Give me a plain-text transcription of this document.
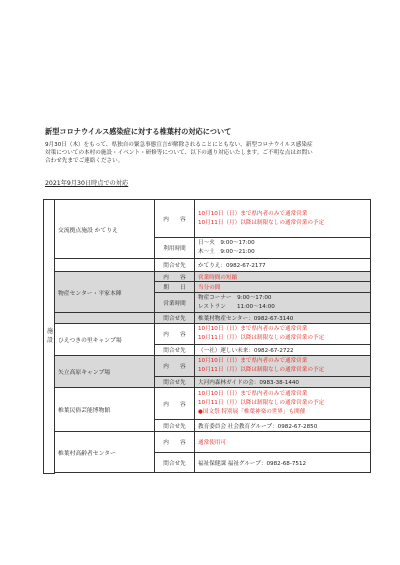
新型コロナウイルス感染症に対する椎葉村の対応について
9月30日（木）をもって、県独自の緊急事態宣言が解除されることにともない、新型コロナウイルス感染症
対策についての本村の施設・イベント・研修等について、以下の通り対応いたします。ご不明な点はお問い
合わせ先までご連絡ください。
2021年9月30日時点での対応
施設	交流拠点施設 かてりえ	内　　容	10月10日（日）まで県内者のみで通常営業
10月11日（月）以降は制限なしの通常営業の予定

		利用時間	日～火　9:00～17:00
木～土　9:00～21:00

		問合せ先	かてりえ：0982-67-2177
	物産センター・平家本陣	内　　容	営業時間の短縮
		期　　日	当分の間
		営業時間	物産コーナー　9:00～17:00
レストラン　　11:00～14:00

		問合せ先	椎葉村物産センター：0982-67-3140
	ひえつきの里キャンプ場	内　　容	10月10日（日）まで県内者のみで通常営業
10月11日（月）以降は制限なしの通常営業の予定

		問合せ先	（一社）運しい未来：0982-67-2722
	矢立高原キャンプ場	内　　容	10月10日（日）まで県内者のみで通常営業
10月11日（月）以降は制限なしの通常営業の予定

		問合せ先	大河内森林ガイドの会：0983-38-1440
	椎葉民俗芸能博物館	内　　容	10月10日（日）まで県内者のみで通常営業
10月11日（月）以降は制限なしの通常営業の予定
●国文祭 特別展「椎葉神楽の世界」も開催

		問合せ先	教育委員会 社会教育グループ：0982-67-2850
	椎葉村高齢者センター	内　　容	通常使用可
		問合せ先	福祉保健課 福祉グループ：0982-68-7512
